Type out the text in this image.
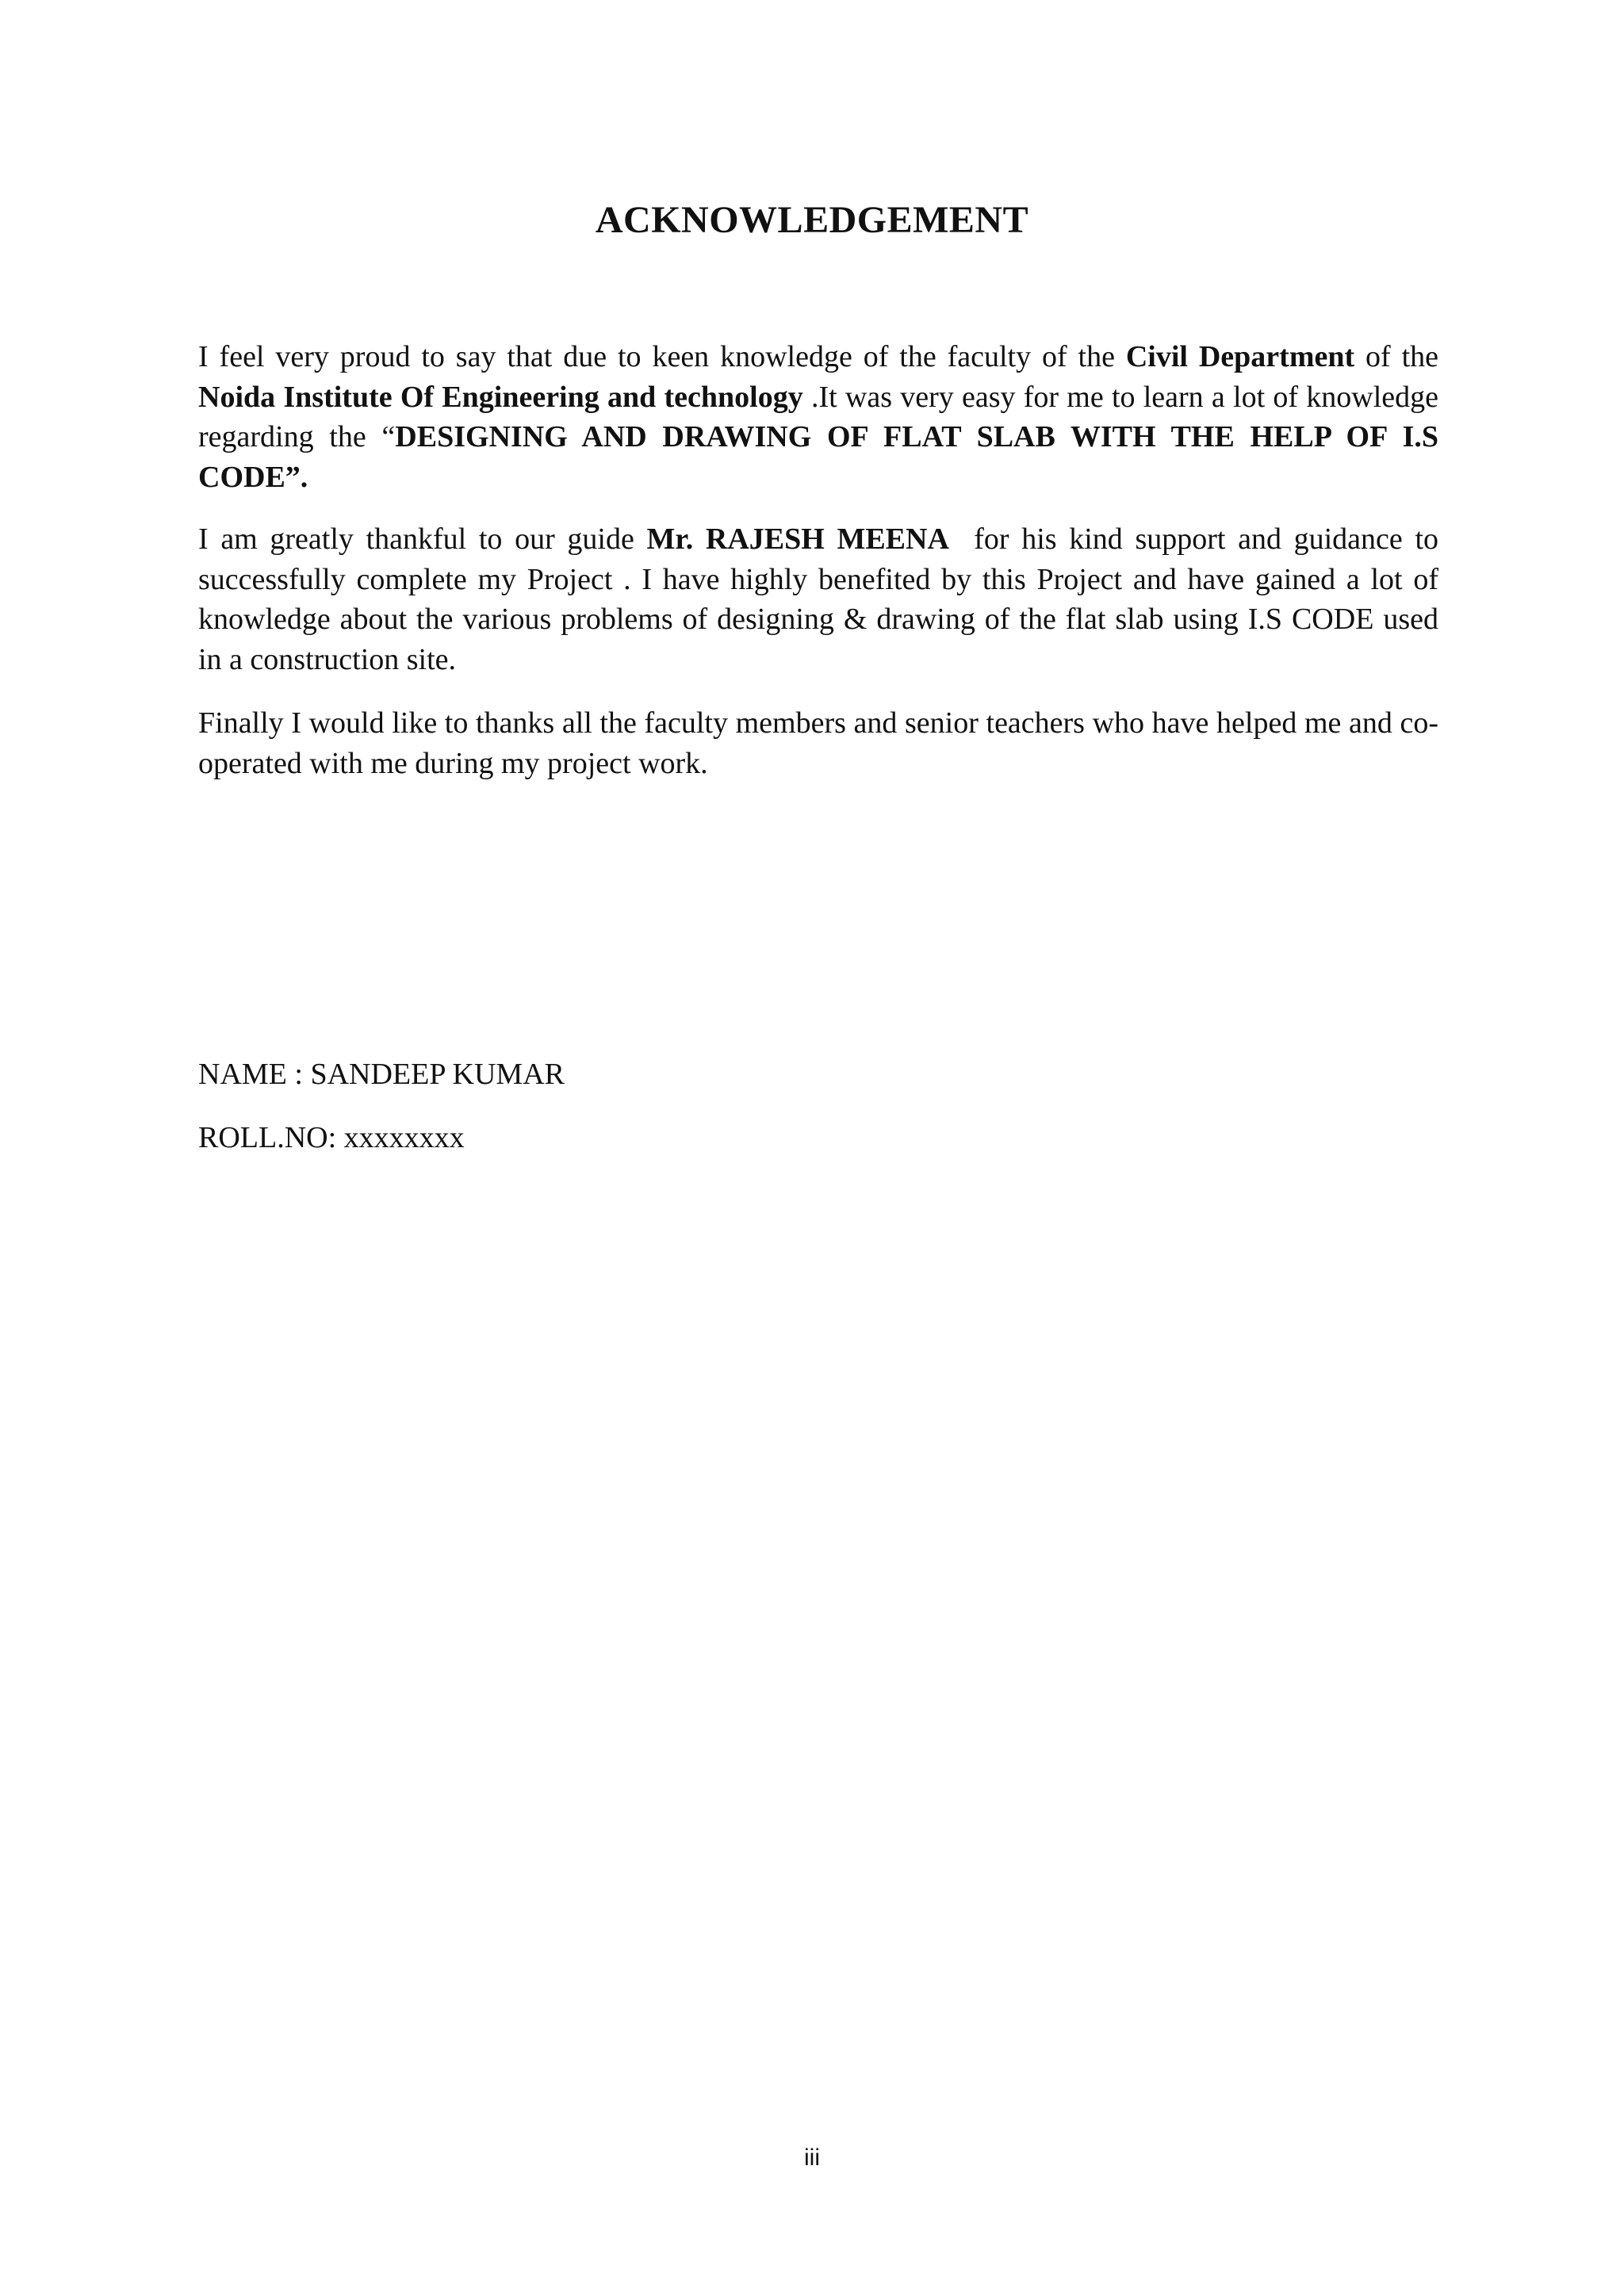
ACKNOWLEDGEMENT

I feel very proud to say that due to keen knowledge of the faculty of the Civil Department of the Noida Institute Of Engineering and technology .It was very easy for me to learn a lot of knowledge regarding the “DESIGNING AND DRAWING OF FLAT SLAB WITH THE HELP OF I.S CODE”.

I am greatly thankful to our guide Mr. RAJESH MEENA  for his kind support and guidance to successfully complete my Project . I have highly benefited by this Project and have gained a lot of knowledge about the various problems of designing & drawing of the flat slab using I.S CODE used in a construction site.

Finally I would like to thanks all the faculty members and senior teachers who have helped me and co-operated with me during my project work.

NAME : SANDEEP KUMAR
ROLL.NO: xxxxxxxx
iii
